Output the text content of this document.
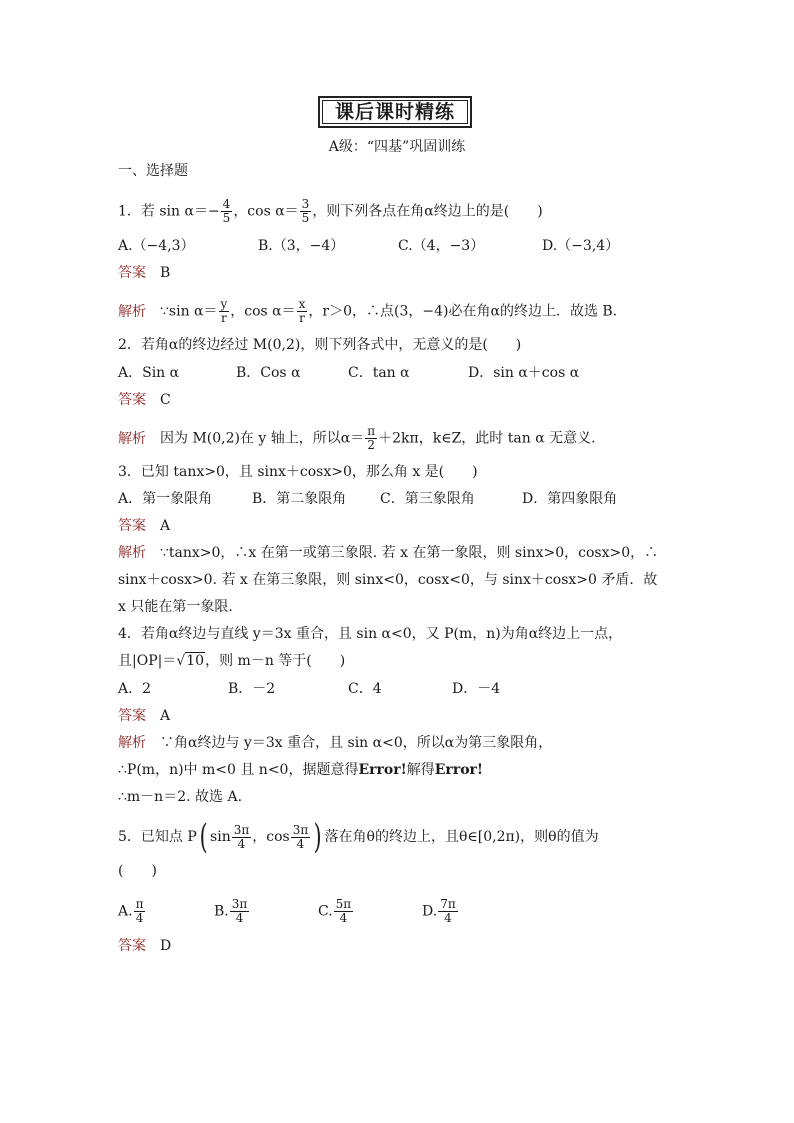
课后课时精练
A级：“四基”巩固训练
一、选择题
1．若 $\sin \alpha=- \frac{4}{5}$ ，$\cos \alpha= \frac{3}{5}$ ，则下列各点在角α终边上的是(　　)
A.（−4,3）	B.（3，−4）	C.（4，−3）	D.（−3,4）
答案 B
解析 ∵sin $\alpha= \frac{y}{r}$ ，$\cos \alpha= \frac{x}{r}$ ，r＞0，∴点(3，−4)必在角α的终边上．故选 B.
2．若角α的终边经过 M(0,2)，则下列各式中，无意义的是(　　)
A．Sin α	B．Cos α	C．tan α	D．sin α＋cos α
答案 C
解析 因为 M(0,2)在 y 轴上，所以$\alpha= \frac{\pi}{2} +2k\pi$，k∈Z，此时 tan α 无意义.
3．已知 tanx>0，且 sinx＋cosx>0，那么角 x 是(　　)
A．第一象限角	B．第二象限角 C．第三象限角	D．第四象限角
答案 A
解析 ∵tanx>0，∴x 在第一或第三象限. 若 x 在第一象限，则 sinx>0，cosx>0，∴
sinx＋cosx>0. 若 x 在第三象限，则 sinx<0，cosx<0，与 sinx＋cosx>0 矛盾．故
x 只能在第一象限.
4．若角α终边与直线 y＝3x 重合，且 sin α<0，又 P(m，n)为角α终边上一点，
且|OP|＝√10，则 m－n 等于(　　)
A．2	B．－2	C．4	D．－4
答案 A
解析 ∵角α终边与 y＝3x 重合，且 sin α<0，所以α为第三象限角，
∴P(m，n)中 m<0 且 n<0，据题意得Error!解得Error!
∴m－n＝2. 故选 A.
5．已知点 P( $\sin \frac{3\pi}{4}$ ，$\cos \frac{3\pi}{4}$ ) 落在角θ的终边上，且θ∈[0,2π)，则θ的值为
(　　)
A. $\frac{\pi}{4}$	B. $\frac{3\pi}{4}$	C. $\frac{5\pi}{4}$	D. $\frac{7\pi}{4}$
答案 D
